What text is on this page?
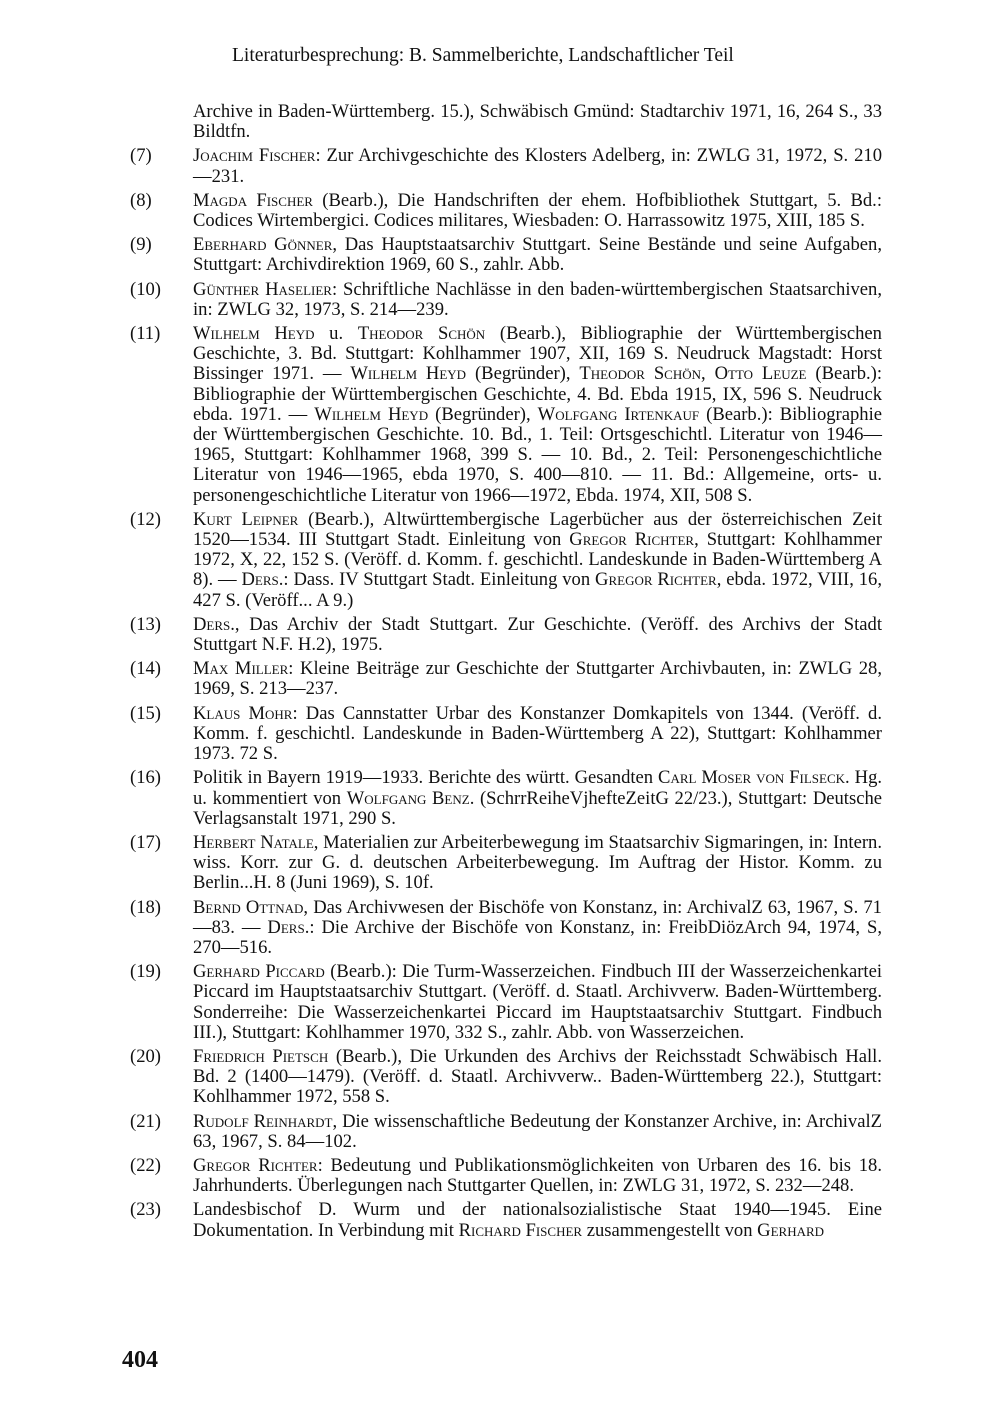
Literaturbesprechung: B. Sammelberichte, Landschaftlicher Teil
Archive in Baden-Württemberg. 15.), Schwäbisch Gmünd: Stadtarchiv 1971, 16, 264 S., 33 Bildtfn.
(7) Joachim Fischer: Zur Archivgeschichte des Klosters Adelberg, in: ZWLG 31, 1972, S. 210—231.
(8) Magda Fischer (Bearb.), Die Handschriften der ehem. Hofbibliothek Stuttgart, 5. Bd.: Codices Wirtembergici. Codices militares, Wiesbaden: O. Harrassowitz 1975, XIII, 185 S.
(9) Eberhard Gönner, Das Hauptstaatsarchiv Stuttgart. Seine Bestände und seine Aufgaben, Stuttgart: Archivdirektion 1969, 60 S., zahlr. Abb.
(10) Günther Haselier: Schriftliche Nachlässe in den baden-württembergischen Staatsarchiven, in: ZWLG 32, 1973, S. 214—239.
(11) Wilhelm Heyd u. Theodor Schön (Bearb.), Bibliographie der Württembergischen Geschichte, 3. Bd. Stuttgart: Kohlhammer 1907, XII, 169 S. Neudruck Magstadt: Horst Bissinger 1971. — Wilhelm Heyd (Begründer), Theodor Schön, Otto Leuze (Bearb.): Bibliographie der Württembergischen Geschichte, 4. Bd. Ebda 1915, IX, 596 S. Neudruck ebda. 1971. — Wilhelm Heyd (Begründer), Wolfgang Irtenkauf (Bearb.): Bibliographie der Württembergischen Geschichte. 10. Bd., 1. Teil: Ortsgeschichtl. Literatur von 1946—1965, Stuttgart: Kohlhammer 1968, 399 S. — 10. Bd., 2. Teil: Personengeschichtliche Literatur von 1946—1965, ebda 1970, S. 400—810. — 11. Bd.: Allgemeine, orts- u. personengeschichtliche Literatur von 1966—1972, Ebda. 1974, XII, 508 S.
(12) Kurt Leipner (Bearb.), Altwürttembergische Lagerbücher aus der österreichischen Zeit 1520—1534. III Stuttgart Stadt. Einleitung von Gregor Richter, Stuttgart: Kohlhammer 1972, X, 22, 152 S. (Veröff. d. Komm. f. geschichtl. Landeskunde in Baden-Württemberg A 8). — Ders.: Dass. IV Stuttgart Stadt. Einleitung von Gregor Richter, ebda. 1972, VIII, 16, 427 S. (Veröff... A 9.)
(13) Ders., Das Archiv der Stadt Stuttgart. Zur Geschichte. (Veröff. des Archivs der Stadt Stuttgart N.F. H.2), 1975.
(14) Max Miller: Kleine Beiträge zur Geschichte der Stuttgarter Archivbauten, in: ZWLG 28, 1969, S. 213—237.
(15) Klaus Mohr: Das Cannstatter Urbar des Konstanzer Domkapitels von 1344. (Veröff. d. Komm. f. geschichtl. Landeskunde in Baden-Württemberg A 22), Stuttgart: Kohlhammer 1973. 72 S.
(16) Politik in Bayern 1919—1933. Berichte des württ. Gesandten Carl Moser von Filseck. Hg. u. kommentiert von Wolfgang Benz. (SchrrReiheVjhefteZeitG 22/23.), Stuttgart: Deutsche Verlagsanstalt 1971, 290 S.
(17) Herbert Natale, Materialien zur Arbeiterbewegung im Staatsarchiv Sigmaringen, in: Intern. wiss. Korr. zur G. d. deutschen Arbeiterbewegung. Im Auftrag der Histor. Komm. zu Berlin...H. 8 (Juni 1969), S. 10f.
(18) Bernd Ottnad, Das Archivwesen der Bischöfe von Konstanz, in: ArchivalZ 63, 1967, S. 71—83. — Ders.: Die Archive der Bischöfe von Konstanz, in: FreibDiözArch 94, 1974, S, 270—516.
(19) Gerhard Piccard (Bearb.): Die Turm-Wasserzeichen. Findbuch III der Wasserzeichenkartei Piccard im Hauptstaatsarchiv Stuttgart. (Veröff. d. Staatl. Archivverw. Baden-Württemberg. Sonderreihe: Die Wasserzeichenkartei Piccard im Hauptstaatsarchiv Stuttgart. Findbuch III.), Stuttgart: Kohlhammer 1970, 332 S., zahlr. Abb. von Wasserzeichen.
(20) Friedrich Pietsch (Bearb.), Die Urkunden des Archivs der Reichsstadt Schwäbisch Hall. Bd. 2 (1400—1479). (Veröff. d. Staatl. Archivverw.. Baden-Württemberg 22.), Stuttgart: Kohlhammer 1972, 558 S.
(21) Rudolf Reinhardt, Die wissenschaftliche Bedeutung der Konstanzer Archive, in: ArchivalZ 63, 1967, S. 84—102.
(22) Gregor Richter: Bedeutung und Publikationsmöglichkeiten von Urbaren des 16. bis 18. Jahrhunderts. Überlegungen nach Stuttgarter Quellen, in: ZWLG 31, 1972, S. 232—248.
(23) Landesbischof D. Wurm und der nationalsozialistische Staat 1940—1945. Eine Dokumentation. In Verbindung mit Richard Fischer zusammengestellt von Gerhard
404
